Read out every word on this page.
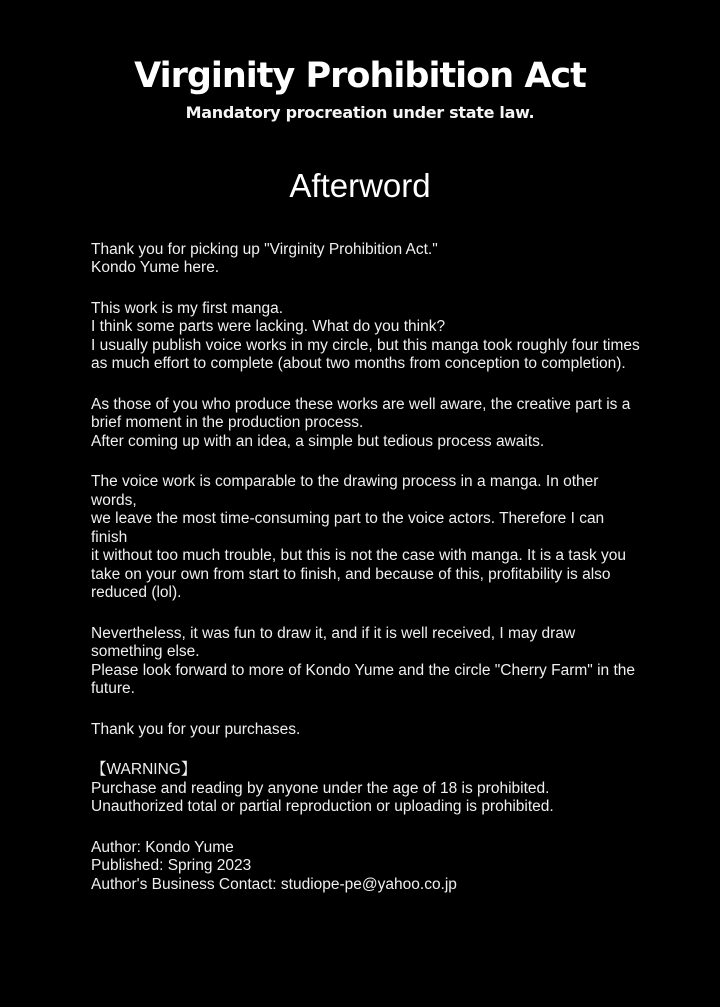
Virginity Prohibition Act
Mandatory procreation under state law.
Afterword
Thank you for picking up "Virginity Prohibition Act."
Kondo Yume here.
This work is my first manga.
I think some parts were lacking. What do you think?
I usually publish voice works in my circle, but this manga took roughly four times
as much effort to complete (about two months from conception to completion).
As those of you who produce these works are well aware, the creative part is a
brief moment in the production process.
After coming up with an idea, a simple but tedious process awaits.
The voice work is comparable to the drawing process in a manga. In other words,
we leave the most time-consuming part to the voice actors. Therefore I can finish
it without too much trouble, but this is not the case with manga. It is a task you
take on your own from start to finish, and because of this, profitability is also
reduced (lol).
Nevertheless, it was fun to draw it, and if it is well received, I may draw
something else.
Please look forward to more of Kondo Yume and the circle "Cherry Farm" in the
future.
Thank you for your purchases.
【WARNING】
Purchase and reading by anyone under the age of 18 is prohibited.
Unauthorized total or partial reproduction or uploading is prohibited.
Author: Kondo Yume
Published: Spring 2023
Author's Business Contact: studiope-pe@yahoo.co.jp
